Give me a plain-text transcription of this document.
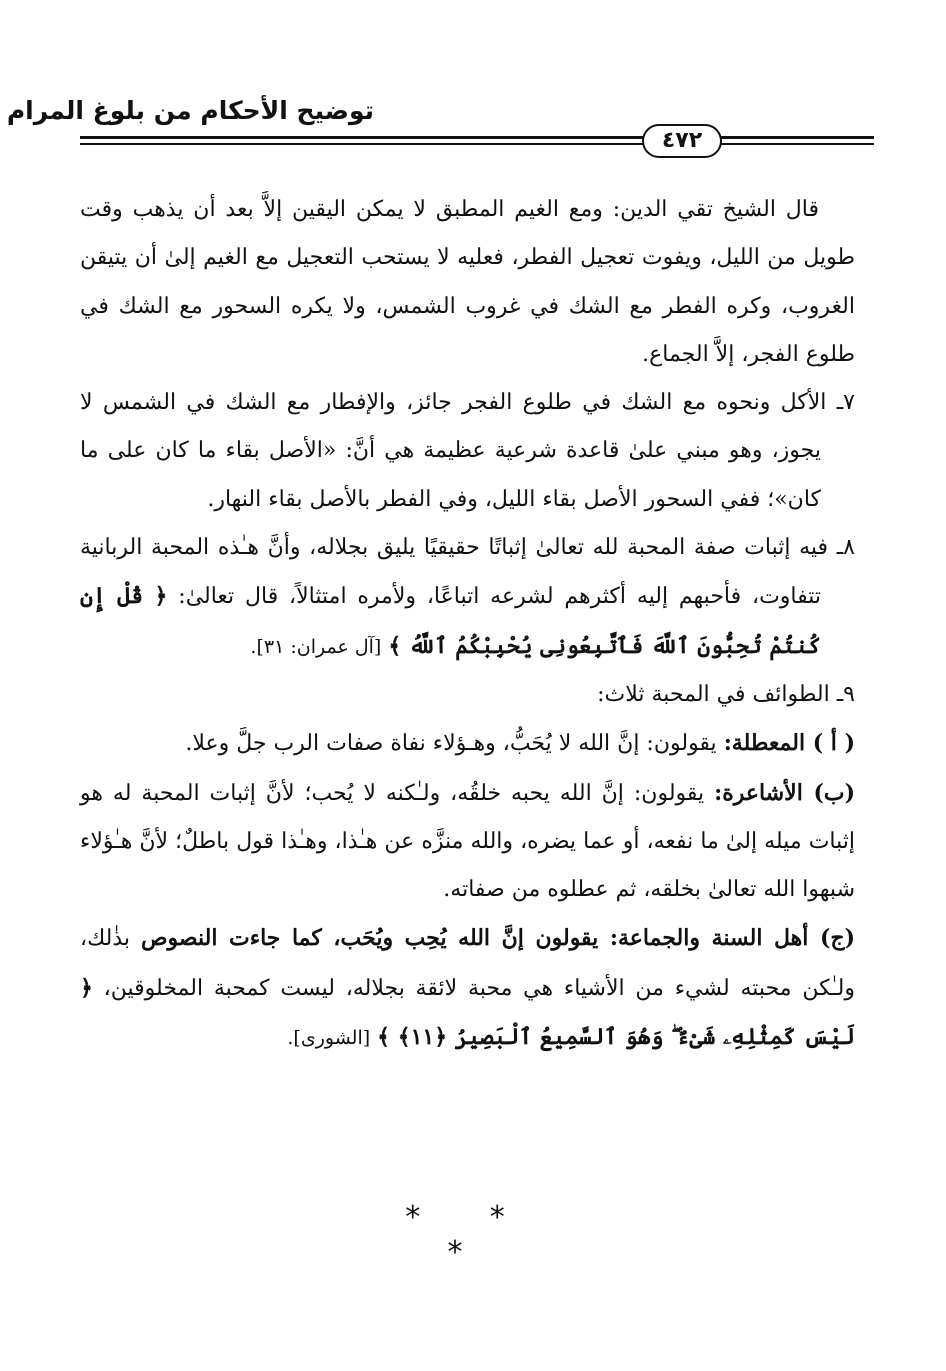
توضيح الأحكام من بلوغ المرام
٤٧٢

قال الشيخ تقي الدين: ومع الغيم المطبق لا يمكن اليقين إلاَّ بعد أن يذهب وقت طويل من الليل، ويفوت تعجيل الفطر، فعليه لا يستحب التعجيل مع الغيم إلىٰ أن يتيقن الغروب، وكره الفطر مع الشك في غروب الشمس، ولا يكره السحور مع الشك في طلوع الفجر، إلاَّ الجماع.

٧ـ الأكل ونحوه مع الشك في طلوع الفجر جائز، والإفطار مع الشك في الشمس لا يجوز، وهو مبني علىٰ قاعدة شرعية عظيمة هي أنَّ: «الأصل بقاء ما كان على ما كان»؛ ففي السحور الأصل بقاء الليل، وفي الفطر بالأصل بقاء النهار.

٨ـ فيه إثبات صفة المحبة لله تعالىٰ إثباتًا حقيقيًا يليق بجلاله، وأنَّ هـٰذه المحبة الربانية تتفاوت، فأحبهم إليه أكثرهم لشرعه اتباعًا، ولأمره امتثالاً، قال تعالىٰ: ﴿ قُلْ إِن كُنتُمْ تُحِبُّونَ ٱللَّهَ فَٱتَّبِعُونِى يُحْبِبْكُمُ ٱللَّهُ ﴾ [آل عمران: ٣١].

٩ـ الطوائف في المحبة ثلاث:

( أ ) المعطلة: يقولون: إنَّ الله لا يُحَبُّ، وهـؤلاء نفاة صفات الرب جلَّ وعلا.

(ب) الأشاعرة: يقولون: إنَّ الله يحبه خلقُه، ولـٰكنه لا يُحب؛ لأنَّ إثبات المحبة له هو إثبات ميله إلىٰ ما نفعه، أو عما يضره، والله منزَّه عن هـٰذا، وهـٰذا قول باطلٌ؛ لأنَّ هـٰؤلاء شبهوا الله تعالىٰ بخلقه، ثم عطلوه من صفاته.

(ج) أهل السنة والجماعة: يقولون إنَّ الله يُحِب ويُحَب، كما جاءت النصوص بذٰلك، ولـٰكن محبته لشيء من الأشياء هي محبة لائقة بجلاله، ليست كمحبة المخلوقين، ﴿ لَيْسَ كَمِثْلِهِۦ شَىْءٌ ۖ وَهُوَ ٱلسَّمِيعُ ٱلْبَصِيرُ ﴿١١﴾ ﴾ [الشورى].

* * *
